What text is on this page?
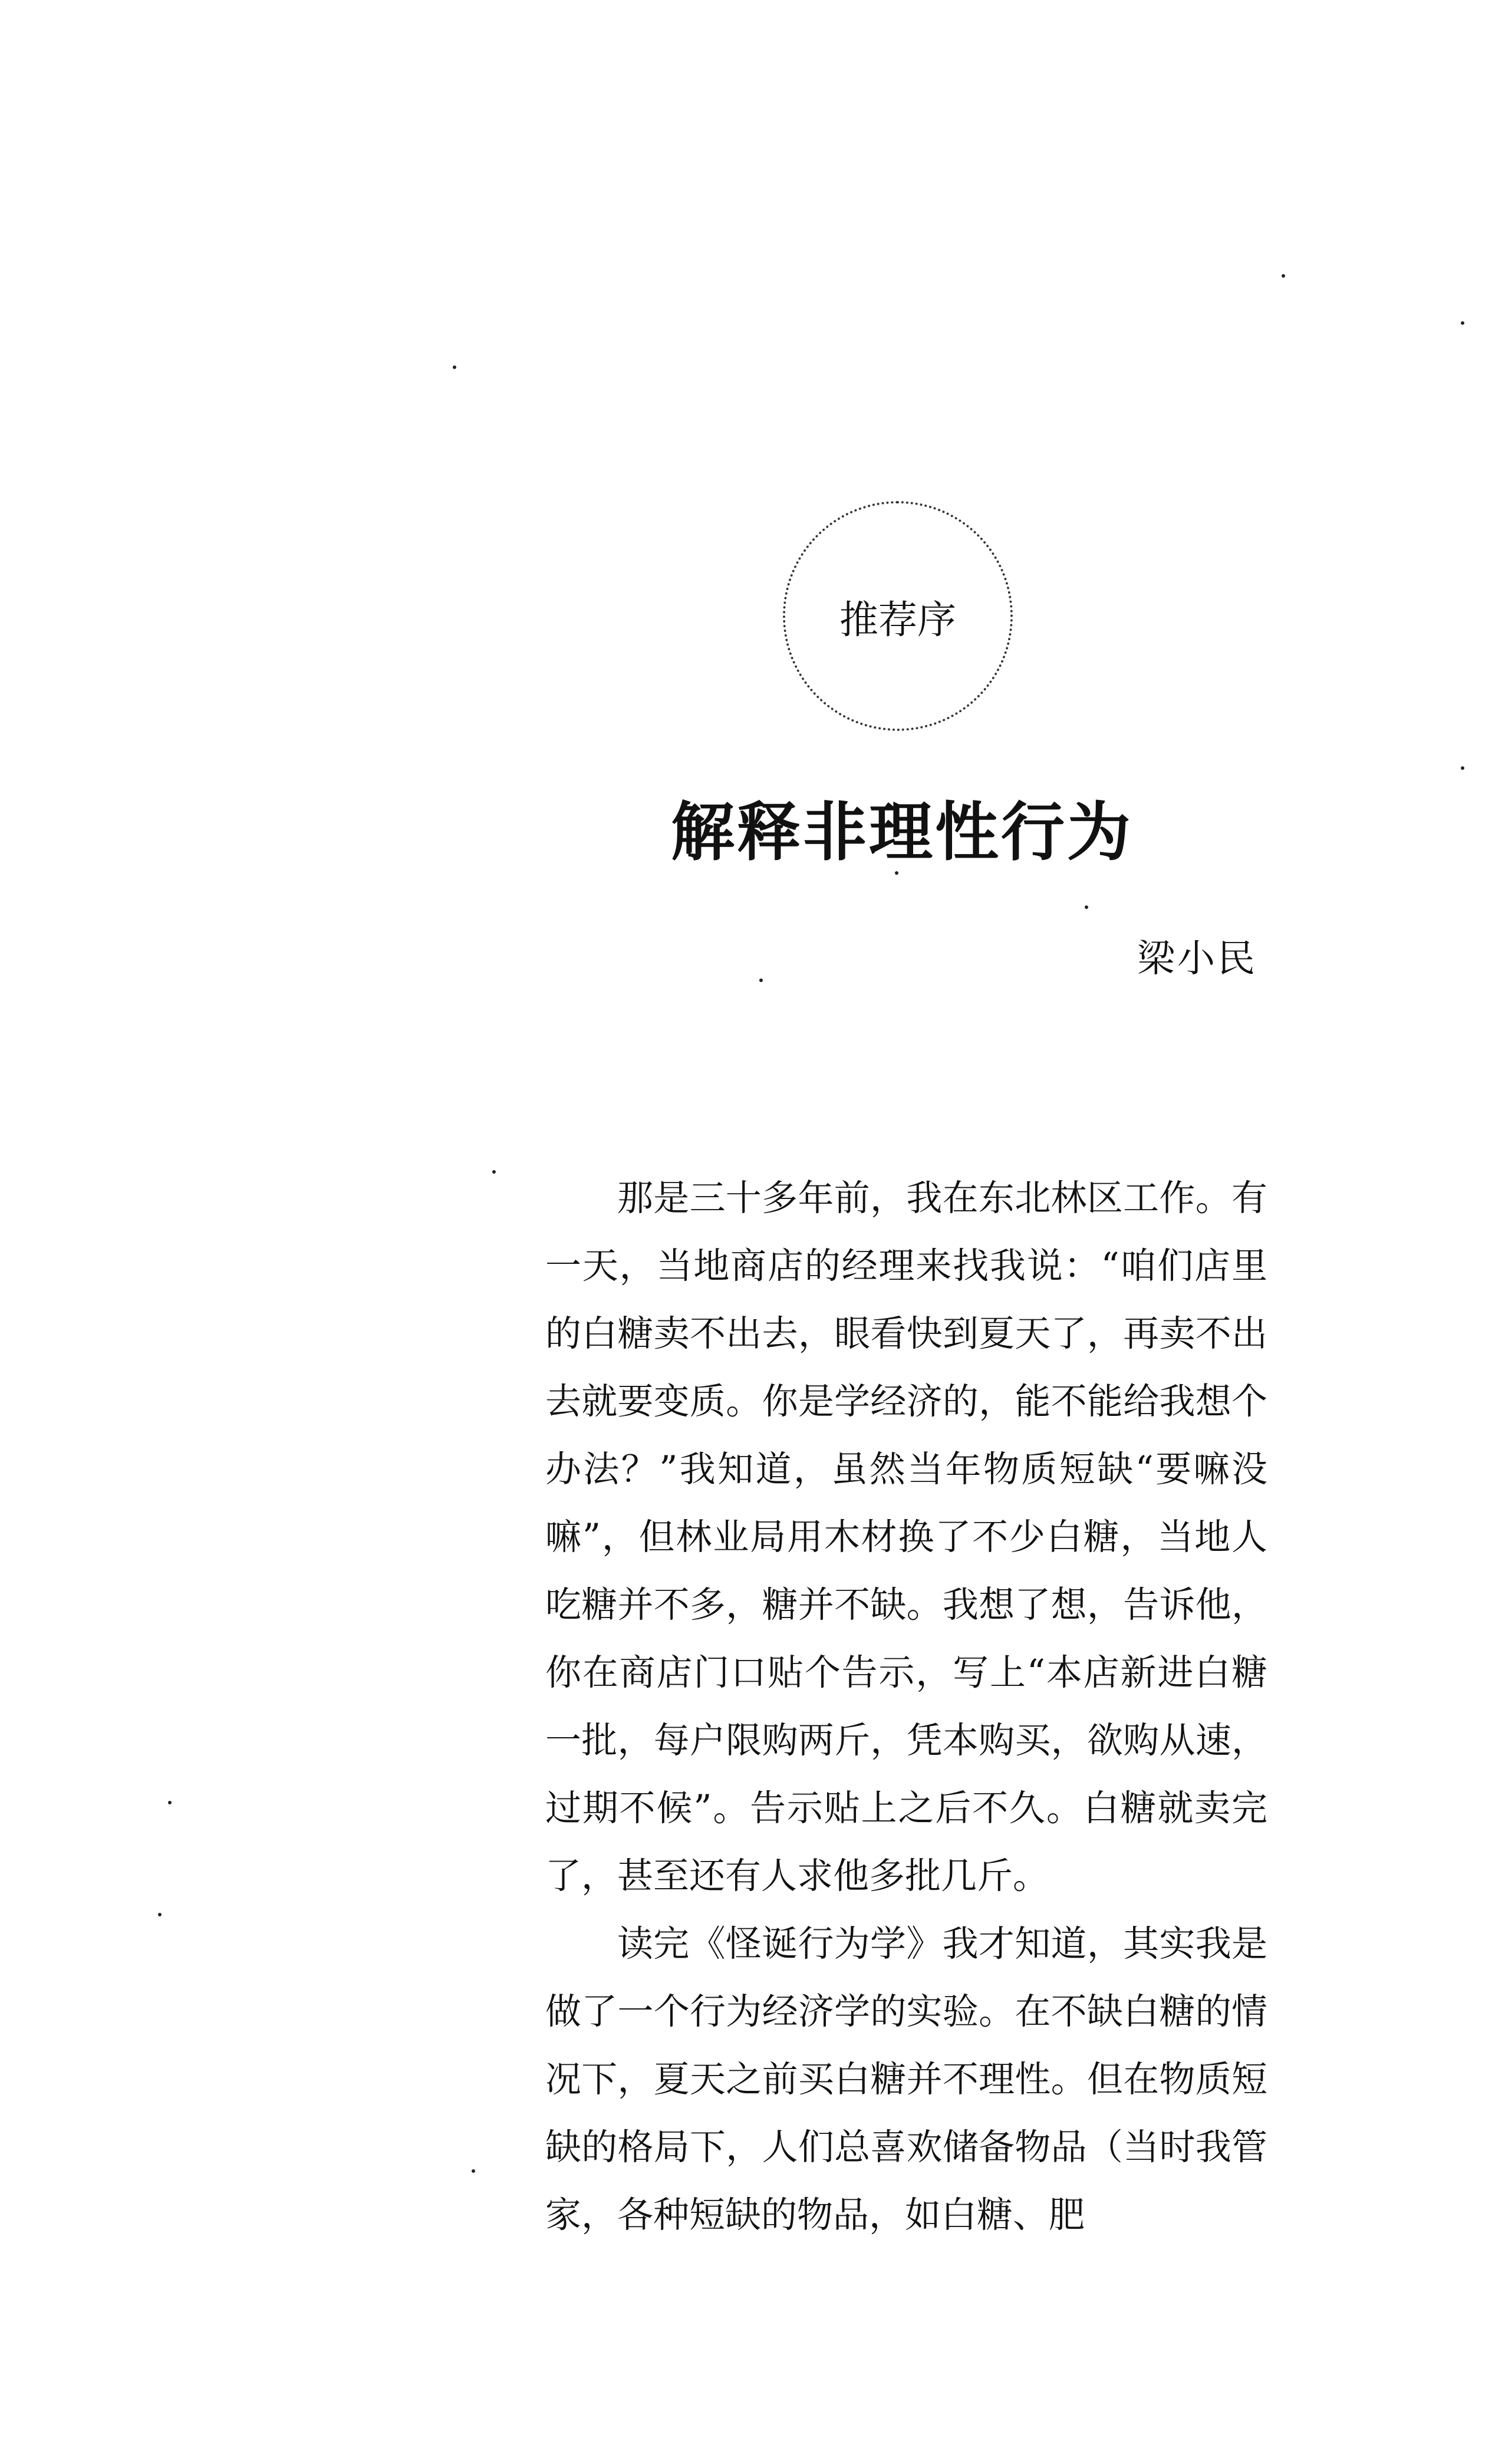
推荐序
解释非理性行为
梁小民

那是三十多年前，我在东北林区工作。有一天，当地商店的经理来找我说：“咱们店里的白糖卖不出去，眼看快到夏天了，再卖不出去就要变质。你是学经济的，能不能给我想个办法？”我知道，虽然当年物质短缺“要嘛没嘛”，但林业局用木材换了不少白糖，当地人吃糖并不多，糖并不缺。我想了想，告诉他，你在商店门口贴个告示，写上“本店新进白糖一批，每户限购两斤，凭本购买，欲购从速，过期不候”。告示贴上之后不久。白糖就卖完了，甚至还有人求他多批几斤。

读完《怪诞行为学》我才知道，其实我是做了一个行为经济学的实验。在不缺白糖的情况下，夏天之前买白糖并不理性。但在物质短缺的格局下，人们总喜欢储备物品（当时我管家，各种短缺的物品，如白糖、肥
